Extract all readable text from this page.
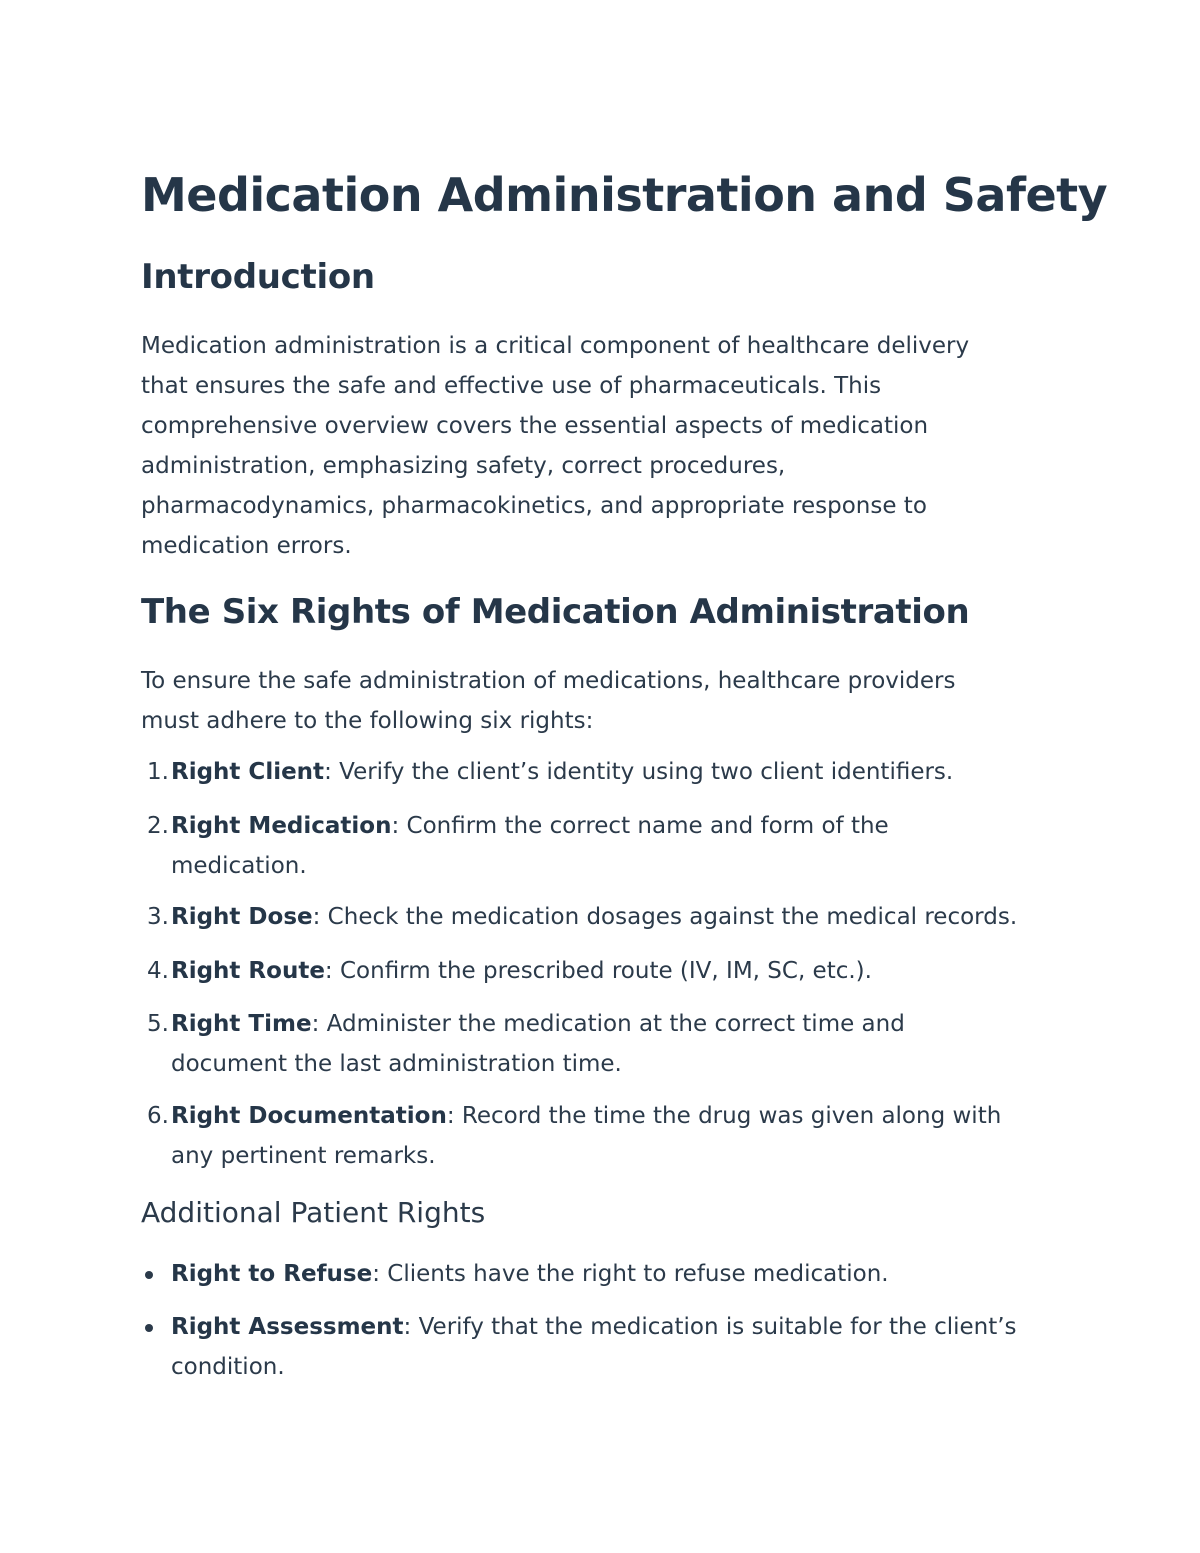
Medication Administration and Safety
Introduction

Medication administration is a critical component of healthcare delivery
that ensures the safe and effective use of pharmaceuticals. This
comprehensive overview covers the essential aspects of medication
administration, emphasizing safety, correct procedures,
pharmacodynamics, pharmacokinetics, and appropriate response to
medication errors.

The Six Rights of Medication Administration

To ensure the safe administration of medications, healthcare providers
must adhere to the following six rights:

1. Right Client: Verify the client’s identity using two client identifiers.
2. Right Medication: Confirm the correct name and form of the
medication.
3. Right Dose: Check the medication dosages against the medical records.
4. Right Route: Confirm the prescribed route (IV, IM, SC, etc.).
5. Right Time: Administer the medication at the correct time and
document the last administration time.
6. Right Documentation: Record the time the drug was given along with
any pertinent remarks.
Additional Patient Rights
Right to Refuse: Clients have the right to refuse medication.
Right Assessment: Verify that the medication is suitable for the client’s
condition.
